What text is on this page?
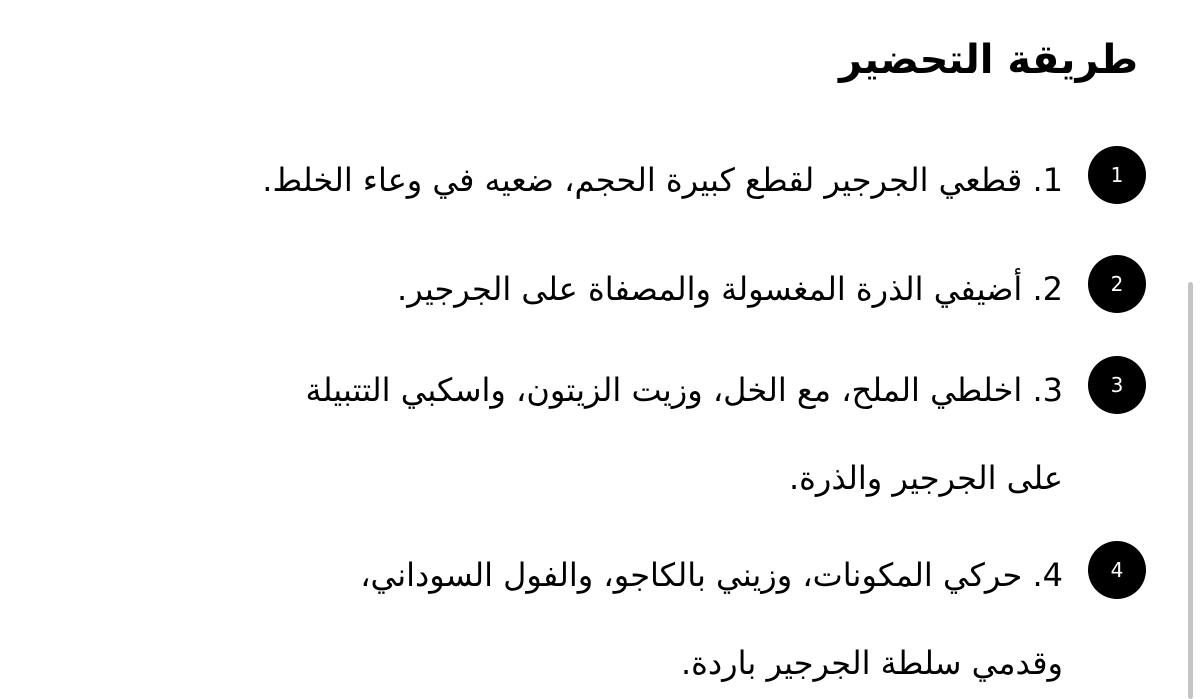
طريقة التحضير
1
1. قطعي الجرجير لقطع كبيرة الحجم، ضعيه في وعاء الخلط.
2
2. أضيفي الذرة المغسولة والمصفاة على الجرجير.
3
3. اخلطي الملح، مع الخل، وزيت الزيتون، واسكبي التتبيلة
على الجرجير والذرة.
4
4. حركي المكونات، وزيني بالكاجو، والفول السوداني،
وقدمي سلطة الجرجير باردة.
